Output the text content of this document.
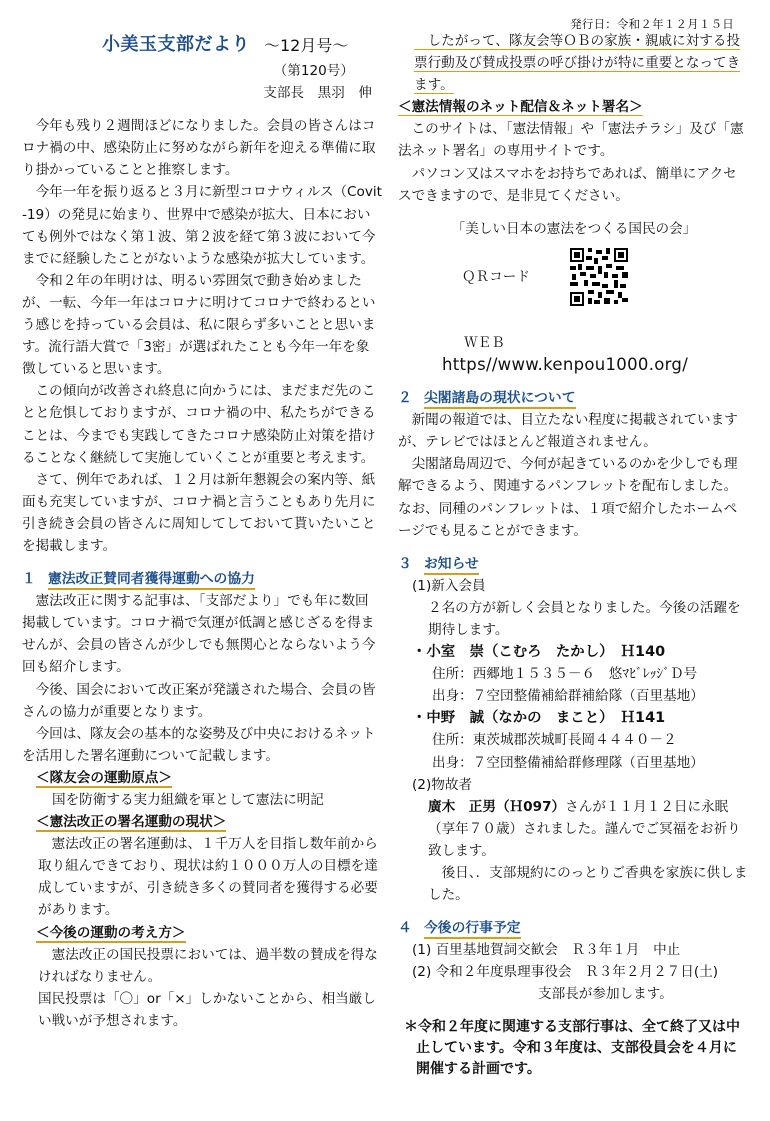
発行日：令和２年１２月１５日
小美玉支部だより ～12月号～
（第120号）
支部長　黒羽　伸
　今年も残り２週間ほどになりました。会員の皆さんはコロナ禍の中、感染防止に努めながら新年を迎える準備に取り掛かっていることと推察します。
　今年一年を振り返ると３月に新型コロナウィルス（Covit-19）の発見に始まり、世界中で感染が拡大、日本においても例外ではなく第１波、第２波を経て第３波において今までに経験したことがないような感染が拡大しています。
　令和２年の年明けは、明るい雰囲気で動き始めましたが、一転、今年一年はコロナに明けてコロナで終わるという感じを持っている会員は、私に限らず多いことと思います。流行語大賞で「3密」が選ばれたことも今年一年を象徴していると思います。
　この傾向が改善され終息に向かうには、まだまだ先のことと危惧しておりますが、コロナ禍の中、私たちができることは、今までも実践してきたコロナ感染防止対策を措けることなく継続して実施していくことが重要と考えます。
　さて、例年であれば、１２月は新年懇親会の案内等、紙面も充実していますが、コロナ禍と言うこともあり先月に引き続き会員の皆さんに周知してしておいて貰いたいことを掲載します。
１ 憲法改正賛同者獲得運動への協力
　憲法改正に関する記事は、「支部だより」でも年に数回掲載しています。コロナ禍で気運が低調と感じざるを得ませんが、会員の皆さんが少しでも無関心とならないよう今回も紹介します。
　今後、国会において改正案が発議された場合、会員の皆さんの協力が重要となります。
　今回は、隊友会の基本的な姿勢及び中央におけるネットを活用した署名運動について記載します。
＜隊友会の運動原点＞
国を防衛する実力組織を軍として憲法に明記
＜憲法改正の署名運動の現状＞
　憲法改正の署名運動は、１千万人を目指し数年前から取り組んできており、現状は約１０００万人の目標を達成していますが、引き続き多くの賛同者を獲得する必要があります。
＜今後の運動の考え方＞
　憲法改正の国民投票においては、過半数の賛成を得なければなりません。
国民投票は「〇」or「×」しかないことから、相当厳しい戦いが予想されます。
　したがって、隊友会等ＯＢの家族・親戚に対する投票行動及び賛成投票の呼び掛けが特に重要となってきます。
＜憲法情報のネット配信＆ネット署名＞
　このサイトは、「憲法情報」や「憲法チラシ」及び「憲法ネット署名」の専用サイトです。
　パソコン又はスマホをお持ちであれば、簡単にアクセスできますので、是非見てください。
「美しい日本の憲法をつくる国民の会」
ＱＲコード
ＷＥＢ
https//www.kenpou1000.org/
２ 尖閣諸島の現状について
　新聞の報道では、目立たない程度に掲載されていますが、テレビではほとんど報道されません。
　尖閣諸島周辺で、今何が起きているのかを少しでも理解できるよう、関連するパンフレットを配布しました。なお、同種のパンフレットは、１項で紹介したホームページでも見ることができます。
３ お知らせ
(1)新入会員
２名の方が新しく会員となりました。今後の活躍を期待します。
・小室　崇（こむろ　たかし）　Ｈ140
住所：西郷地１５３５－６　悠ﾏﾋﾞﾚｯｼﾞＤ号
出身：７空団整備補給群補給隊（百里基地）
・中野　誠（なかの　まこと）　Ｈ141
住所：東茨城郡茨城町長岡４４４０－２
出身：７空団整備補給群修理隊（百里基地）
(2)物故者
廣木　正男（Ｈ097）さんが１１月１２日に永眠（享年７０歳）されました。謹んでご冥福をお祈り致します。
　後日、．支部規約にのっとりご香典を家族に供しました。
４ 今後の行事予定
(1) 百里基地賀詞交歓会　Ｒ３年１月　中止
(2) 令和２年度県理事役会　Ｒ３年２月２７日(土)
支部長が参加します。
＊令和２年度に関連する支部行事は、全て終了又は中止しています。令和３年度は、支部役員会を４月に開催する計画です。
